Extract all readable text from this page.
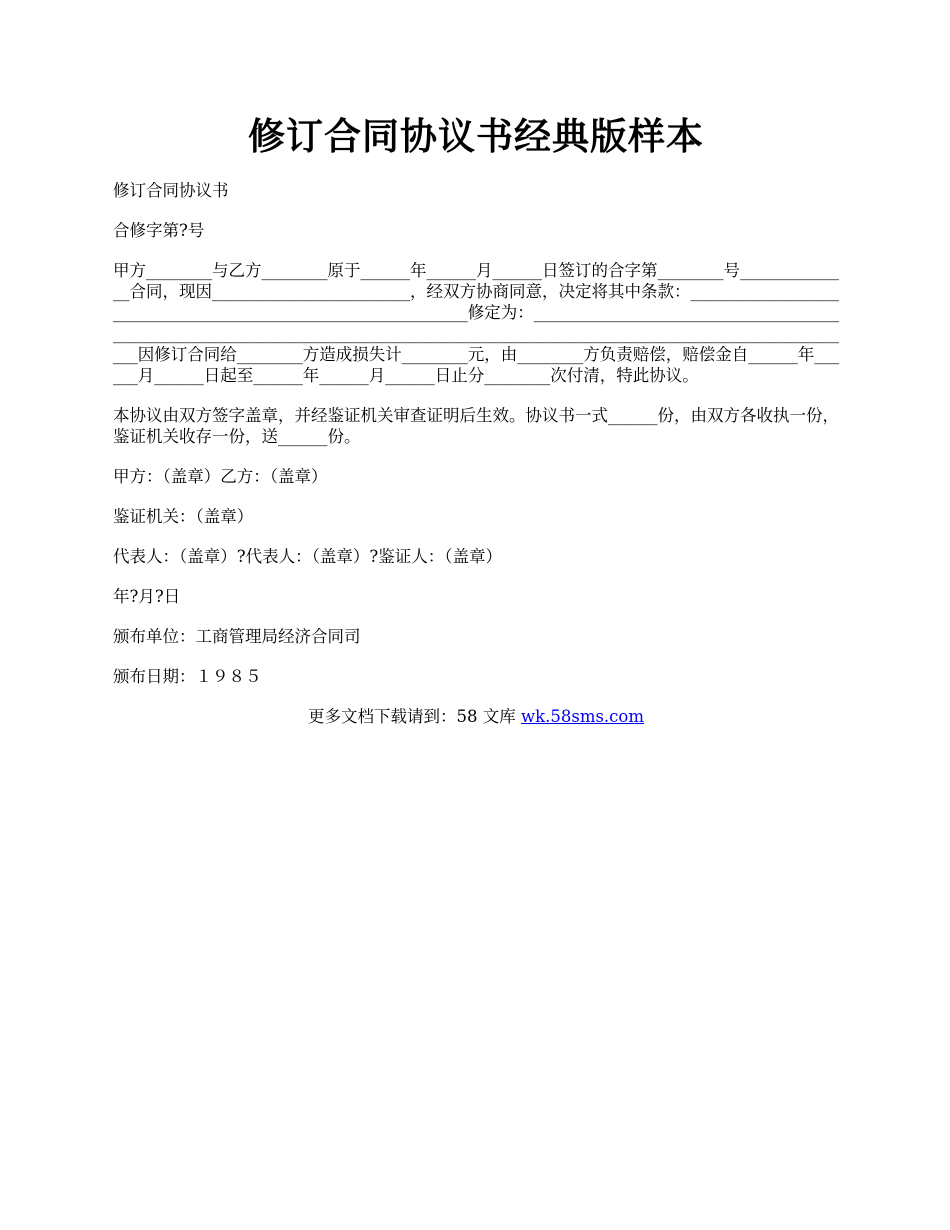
修订合同协议书经典版样本

修订合同协议书

合修字第?号

甲方________与乙方________原于______年______月______日签订的合字第________号______________合同，现因________________________，经双方协商同意，决定将其中条款：_____________________________________________________________修定为：________________________________________________________________________________________________________________________________因修订合同给________方造成损失计________元，由________方负责赔偿，赔偿金自______年______月______日起至______年______月______日止分________次付清，特此协议。

本协议由双方签字盖章，并经鉴证机关审查证明后生效。协议书一式______份，由双方各收执一份，鉴证机关收存一份，送______份。

甲方：（盖章）乙方：（盖章）

鉴证机关：（盖章）

代表人：（盖章）?代表人：（盖章）?鉴证人：（盖章）

年?月?日

颁布单位：工商管理局经济合同司

颁布日期：１９８５

更多文档下载请到：58 文库 wk.58sms.com
